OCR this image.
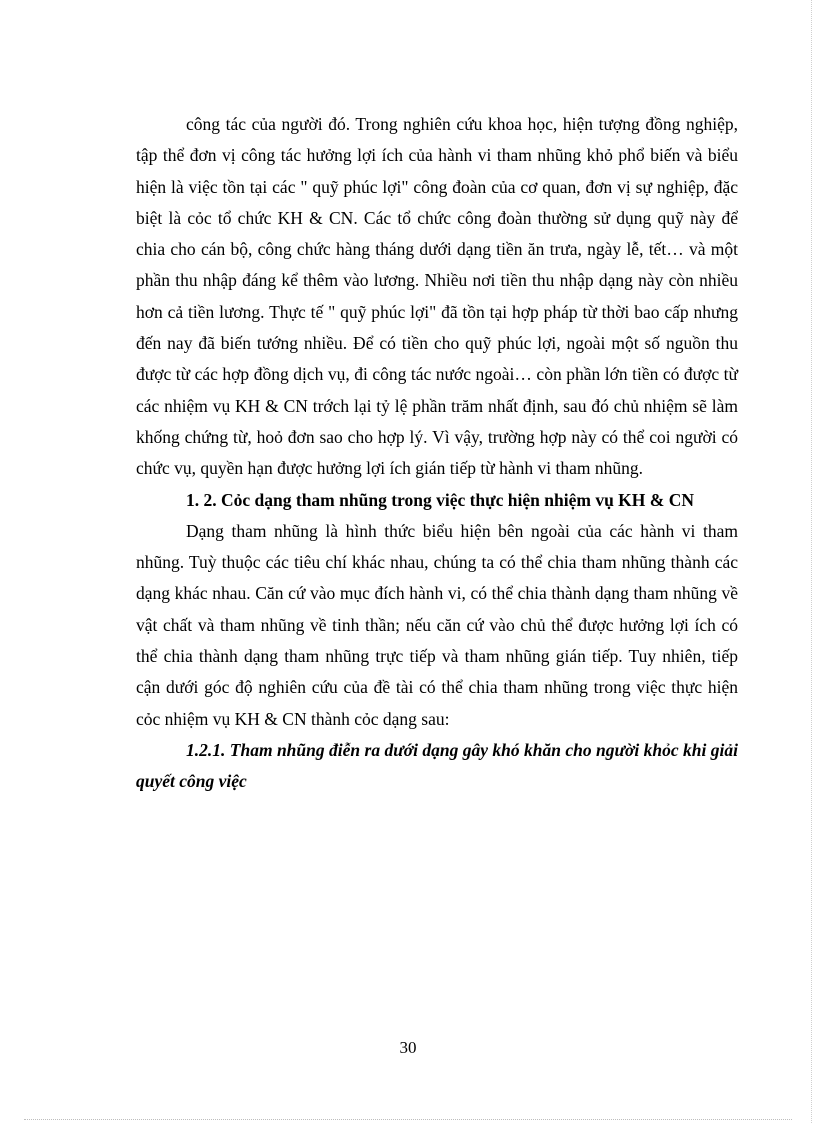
công tác của người đó. Trong nghiên cứu khoa học, hiện tượng đồng nghiệp, tập thể đơn vị công tác hưởng lợi ích của hành vi tham nhũng khỏ phổ biến và biểu hiện là việc tồn tại các " quỹ phúc lợi" công đoàn của cơ quan, đơn vị sự nghiệp, đặc biệt là cỏc tổ chức KH & CN. Các tổ chức công đoàn thường sử dụng quỹ này để chia cho cán bộ, công chức hàng tháng dưới dạng tiền ăn trưa, ngày lễ, tết… và một phần thu nhập đáng kể thêm vào lương. Nhiều nơi tiền thu nhập dạng này còn nhiều hơn cả tiền lương. Thực tế " quỹ phúc lợi" đã tồn tại hợp pháp từ thời bao cấp nhưng đến nay đã biến tướng nhiều. Để có tiền cho quỹ phúc lợi, ngoài một số nguồn thu được từ các hợp đồng dịch vụ, đi công tác nước ngoài… còn phần lớn tiền có được từ các nhiệm vụ KH & CN trớch lại tỷ lệ phần trăm nhất định, sau đó chủ nhiệm sẽ làm khống chứng từ, hoỏ đơn sao cho hợp lý. Vì vậy, trường hợp này có thể coi người có chức vụ, quyền hạn được hưởng lợi ích gián tiếp từ hành vi tham nhũng.

1. 2. Cỏc dạng tham nhũng trong việc thực hiện nhiệm vụ KH & CN

Dạng tham nhũng là hình thức biểu hiện bên ngoài của các hành vi tham nhũng. Tuỳ thuộc các tiêu chí khác nhau, chúng ta có thể chia tham nhũng thành các dạng khác nhau. Căn cứ vào mục đích hành vi, có thể chia thành dạng tham nhũng về vật chất và tham nhũng về tinh thần; nếu căn cứ vào chủ thể được hưởng lợi ích có thể chia thành dạng tham nhũng trực tiếp và tham nhũng gián tiếp. Tuy nhiên, tiếp cận dưới góc độ nghiên cứu của đề tài có thể chia tham nhũng trong việc thực hiện cỏc nhiệm vụ KH & CN thành cỏc dạng sau:

1.2.1. Tham nhũng điễn ra dưới dạng gây khó khăn cho người khỏc khi giải quyết công việc

30
